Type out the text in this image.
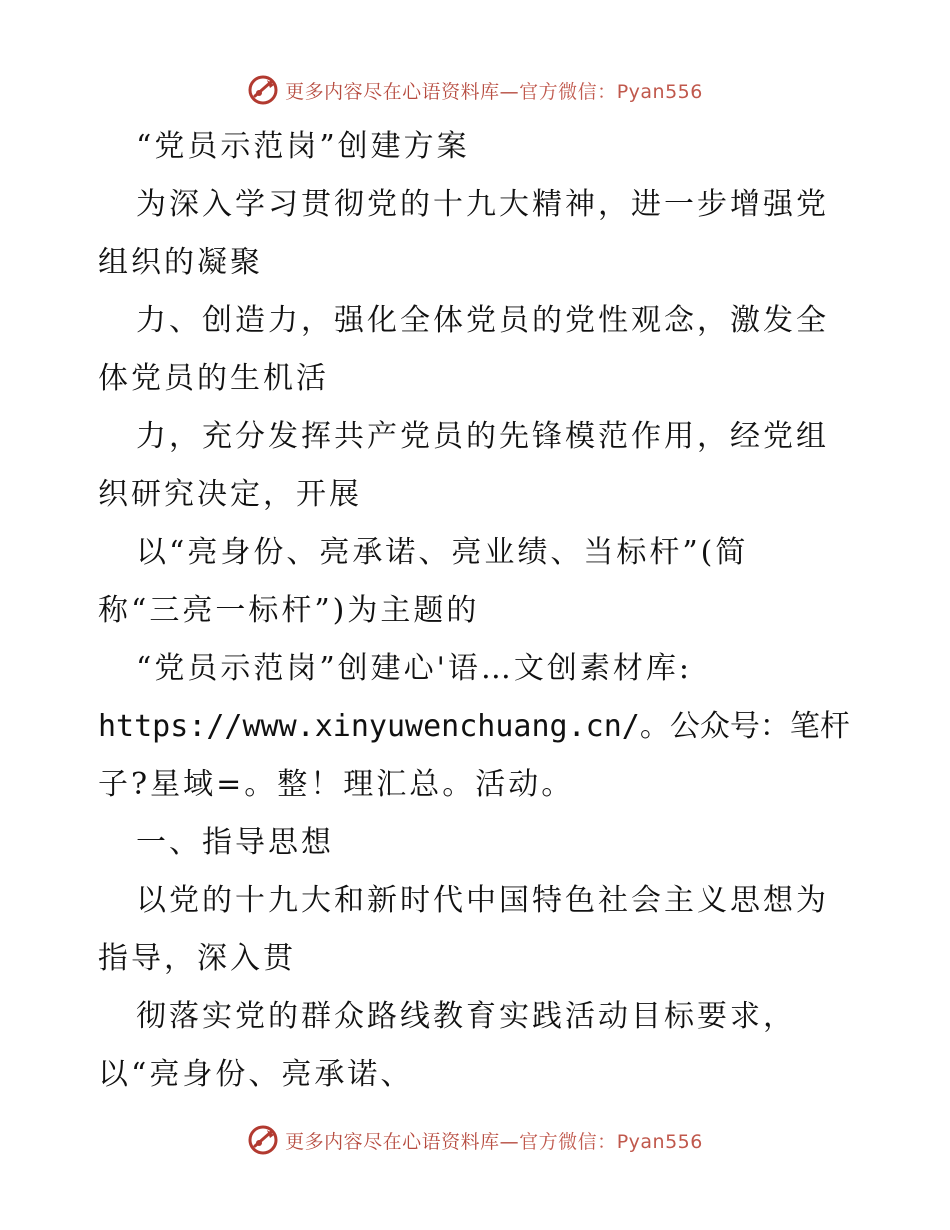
更多内容尽在心语资料库—官方微信：Pyan556
“党员示范岗”创建方案
为深入学习贯彻党的十九大精神，进一步增强党
组织的凝聚
力、创造力，强化全体党员的党性观念，激发全
体党员的生机活
力，充分发挥共产党员的先锋模范作用，经党组
织研究决定，开展
以“亮身份、亮承诺、亮业绩、当标杆”(简
称“三亮一标杆”)为主题的
“党员示范岗”创建心'语…文创素材库:
https://www.xinyuwenchuang.cn/。公众号：笔杆
子?星域=。整！理汇总。活动。
一、指导思想
以党的十九大和新时代中国特色社会主义思想为
指导，深入贯
彻落实党的群众路线教育实践活动目标要求，
以“亮身份、亮承诺、
更多内容尽在心语资料库—官方微信：Pyan556
